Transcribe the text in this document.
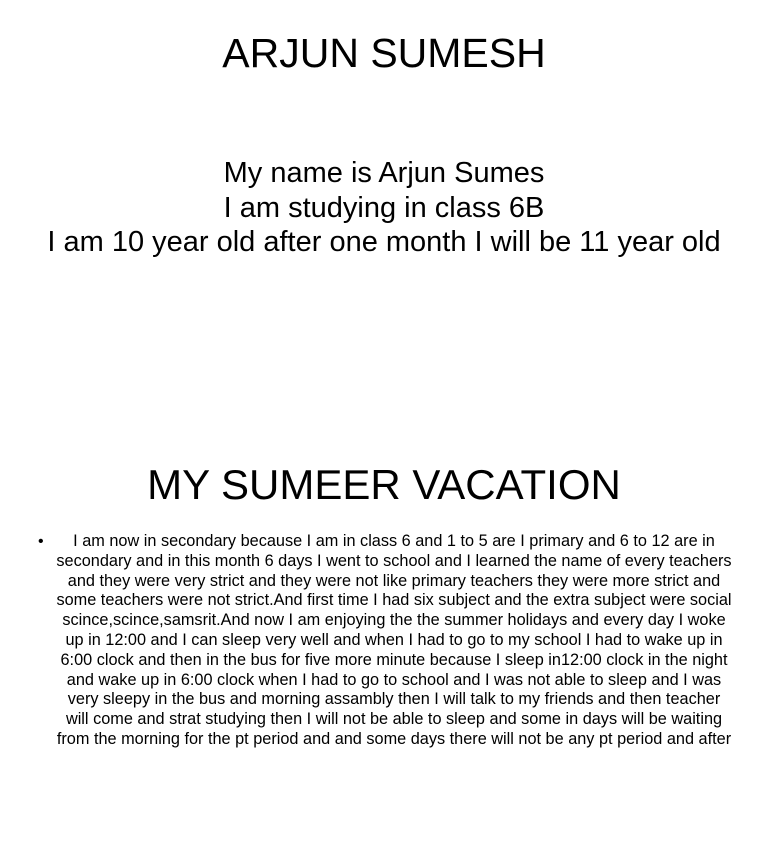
ARJUN SUMESH
My name is Arjun Sumes
I am studying in class 6B
I am 10 year old after one month I will be 11 year old
MY SUMEER VACATION
•	I am now in secondary because I am in class 6 and 1 to 5 are I primary and 6 to 12 are in secondary and in this month 6 days I went to school and I learned the name of every teachers and they were very strict and they were not like primary teachers they were more strict and some teachers were not strict.And first time I had six subject and the extra subject were social scince,scince,samsrit.And now I am enjoying the the summer holidays and every day I woke up in 12:00 and I can sleep very well and when I had to go to my school I had to wake up in 6:00 clock and then in the bus for five more minute because I sleep in12:00 clock in the night and wake up in 6:00 clock when I had to go to school and I was not able to sleep and I was very sleepy in the bus and morning assambly then I will talk to my friends and then teacher will come and strat studying then I will not be able to sleep and some in days will be waiting from the morning for the pt period and and some days there will not be any pt period and after
